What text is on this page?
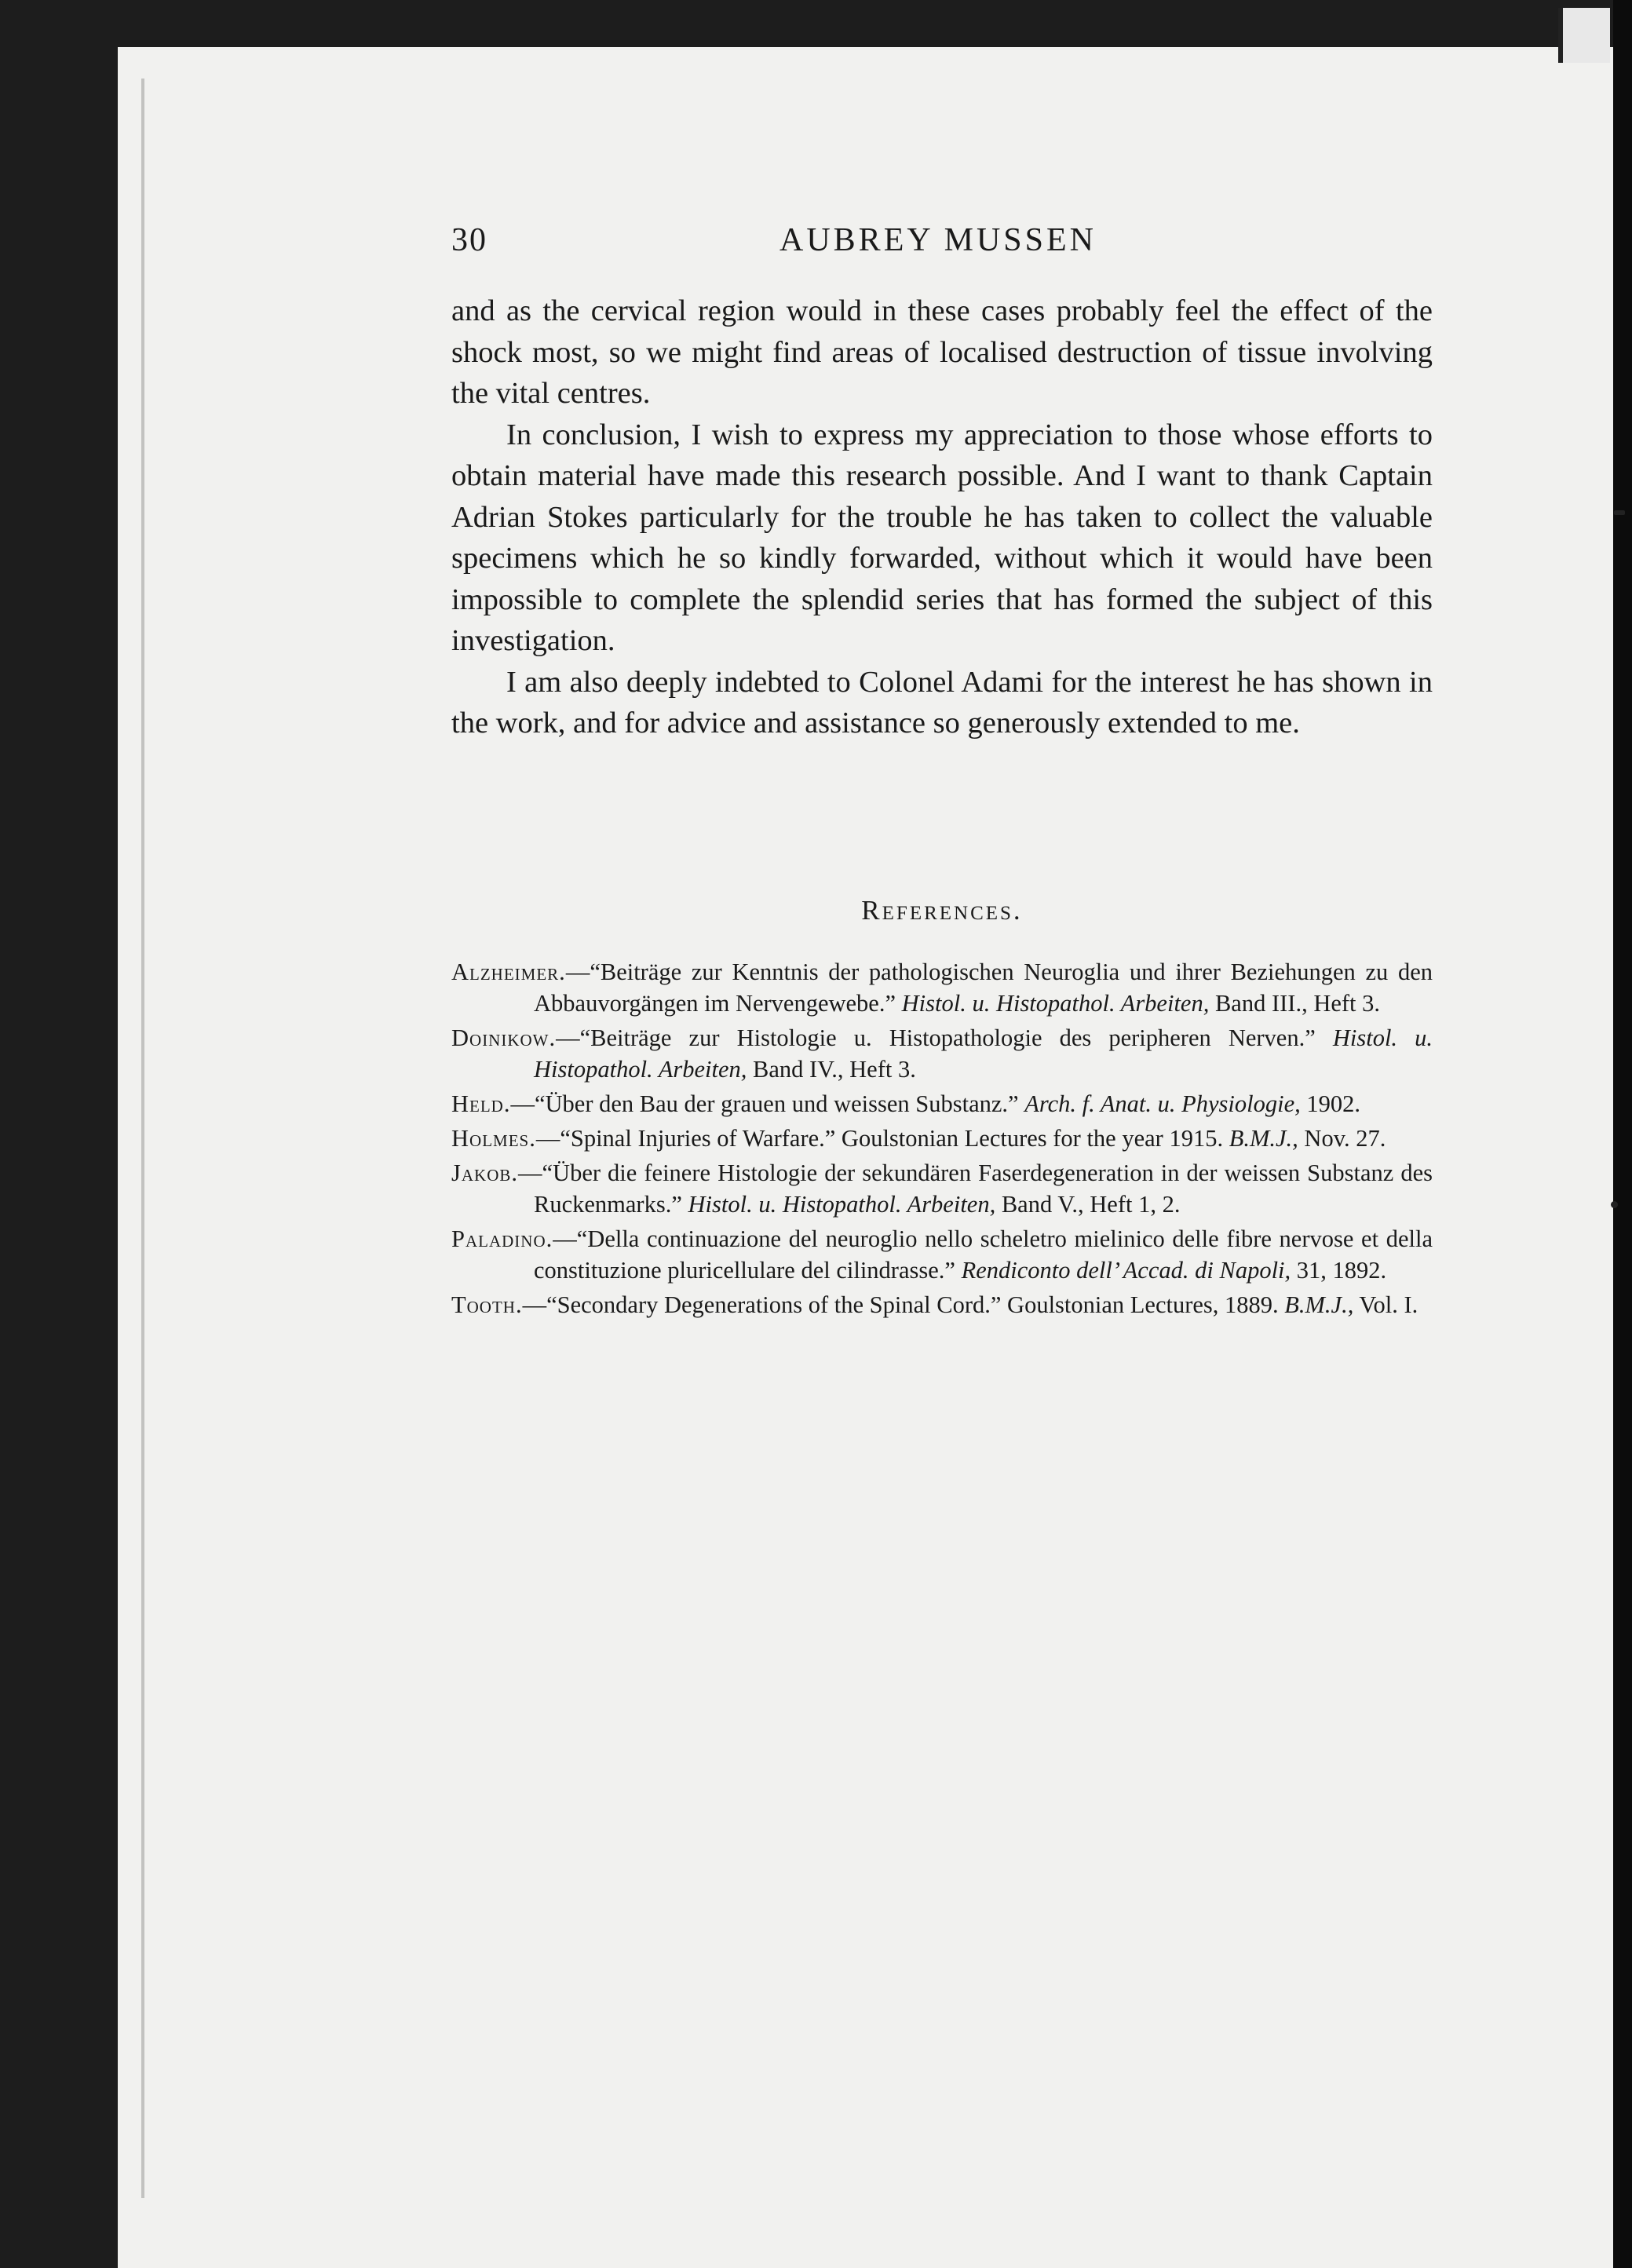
30	AUBREY MUSSEN

and as the cervical region would in these cases probably feel the effect of the shock most, so we might find areas of localised destruction of tissue involving the vital centres.

In conclusion, I wish to express my appreciation to those whose efforts to obtain material have made this research possible. And I want to thank Captain Adrian Stokes particularly for the trouble he has taken to collect the valuable specimens which he so kindly forwarded, without which it would have been impossible to complete the splendid series that has formed the subject of this investigation.

I am also deeply indebted to Colonel Adami for the interest he has shown in the work, and for advice and assistance so generously extended to me.

References.

Alzheimer.—“Beiträge zur Kenntnis der pathologischen Neuroglia und ihrer Beziehungen zu den Abbauvorgängen im Nervengewebe.” Histol. u. Histopathol. Arbeiten, Band III., Heft 3.

Doinikow.—“Beiträge zur Histologie u. Histopathologie des peripheren Nerven.” Histol. u. Histopathol. Arbeiten, Band IV., Heft 3.

Held.—“Über den Bau der grauen und weissen Substanz.” Arch. f. Anat. u. Physiologie, 1902.

Holmes.—“Spinal Injuries of Warfare.” Goulstonian Lectures for the year 1915. B.M.J., Nov. 27.

Jakob.—“Über die feinere Histologie der sekundären Faserdegeneration in der weissen Substanz des Ruckenmarks.” Histol. u. Histopathol. Arbeiten, Band V., Heft 1, 2.

Paladino.—“Della continuazione del neuroglio nello scheletro mielinico delle fibre nervose et della constituzione pluricellulare del cilindrasse.” Rendiconto dell’ Accad. di Napoli, 31, 1892.

Tooth.—“Secondary Degenerations of the Spinal Cord.” Goulstonian Lectures, 1889. B.M.J., Vol. I.
